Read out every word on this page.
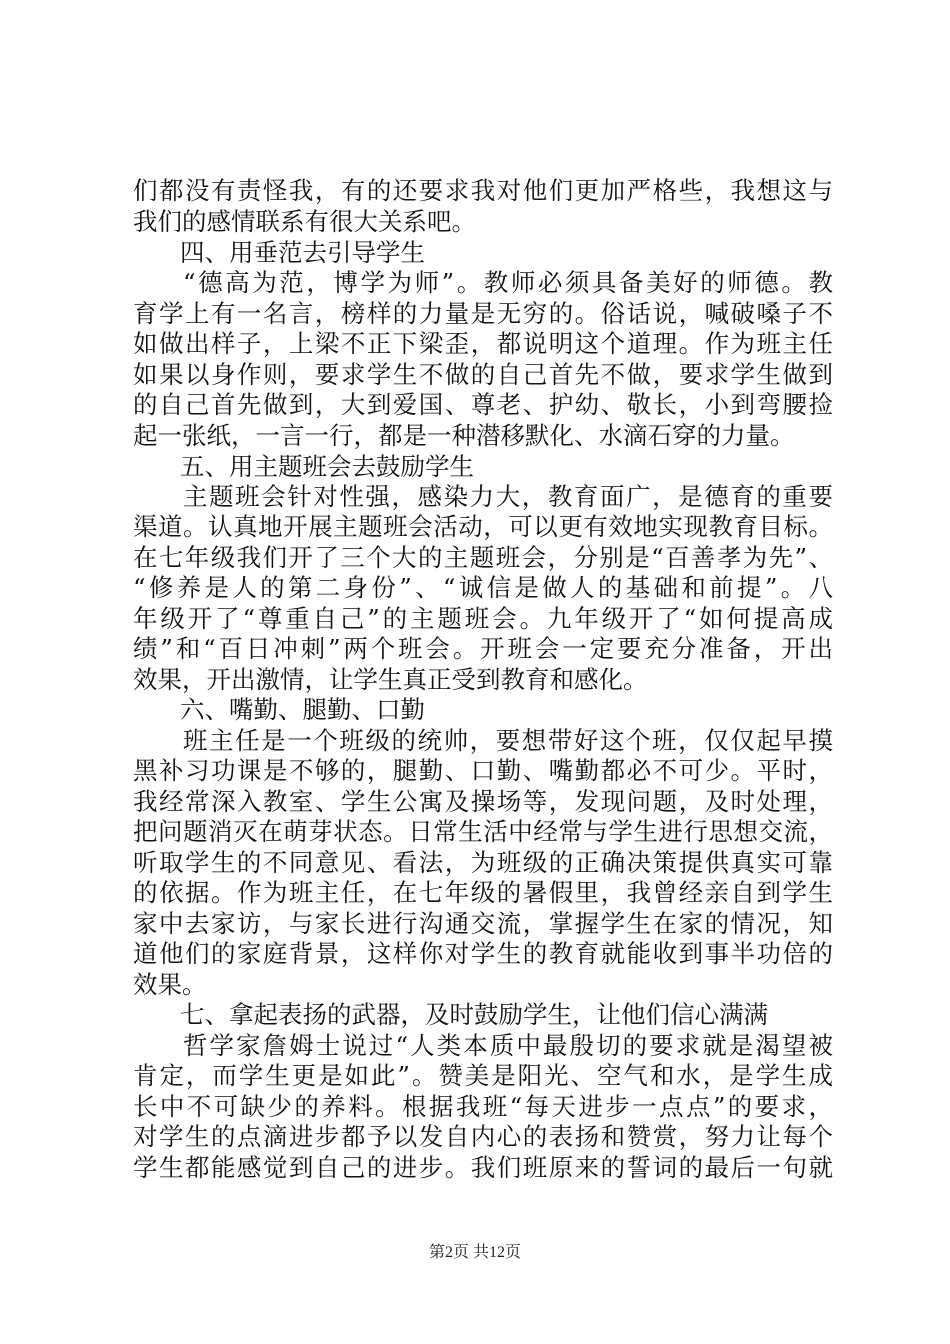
们都没有责怪我，有的还要求我对他们更加严格些，我想这与
我们的感情联系有很大关系吧。
四、用垂范去引导学生
“德高为范，博学为师”。教师必须具备美好的师德。教
育学上有一名言，榜样的力量是无穷的。俗话说，喊破嗓子不
如做出样子，上梁不正下梁歪，都说明这个道理。作为班主任
如果以身作则，要求学生不做的自己首先不做，要求学生做到
的自己首先做到，大到爱国、尊老、护幼、敬长，小到弯腰捡
起一张纸，一言一行，都是一种潜移默化、水滴石穿的力量。
五、用主题班会去鼓励学生
主题班会针对性强，感染力大，教育面广，是德育的重要
渠道。认真地开展主题班会活动，可以更有效地实现教育目标。
在七年级我们开了三个大的主题班会，分别是“百善孝为先”、
“修养是人的第二身份”、“诚信是做人的基础和前提”。八
年级开了“尊重自己”的主题班会。九年级开了“如何提高成
绩”和“百日冲刺”两个班会。开班会一定要充分准备，开出
效果，开出激情，让学生真正受到教育和感化。
六、嘴勤、腿勤、口勤
班主任是一个班级的统帅，要想带好这个班，仅仅起早摸
黑补习功课是不够的，腿勤、口勤、嘴勤都必不可少。平时，
我经常深入教室、学生公寓及操场等，发现问题，及时处理，
把问题消灭在萌芽状态。日常生活中经常与学生进行思想交流，
听取学生的不同意见、看法，为班级的正确决策提供真实可靠
的依据。作为班主任，在七年级的暑假里，我曾经亲自到学生
家中去家访，与家长进行沟通交流，掌握学生在家的情况，知
道他们的家庭背景，这样你对学生的教育就能收到事半功倍的
效果。
七、拿起表扬的武器，及时鼓励学生，让他们信心满满
哲学家詹姆士说过“人类本质中最殷切的要求就是渴望被
肯定，而学生更是如此”。赞美是阳光、空气和水，是学生成
长中不可缺少的养料。根据我班“每天进步一点点”的要求，
对学生的点滴进步都予以发自内心的表扬和赞赏，努力让每个
学生都能感觉到自己的进步。我们班原来的誓词的最后一句就
第2页 共12页
